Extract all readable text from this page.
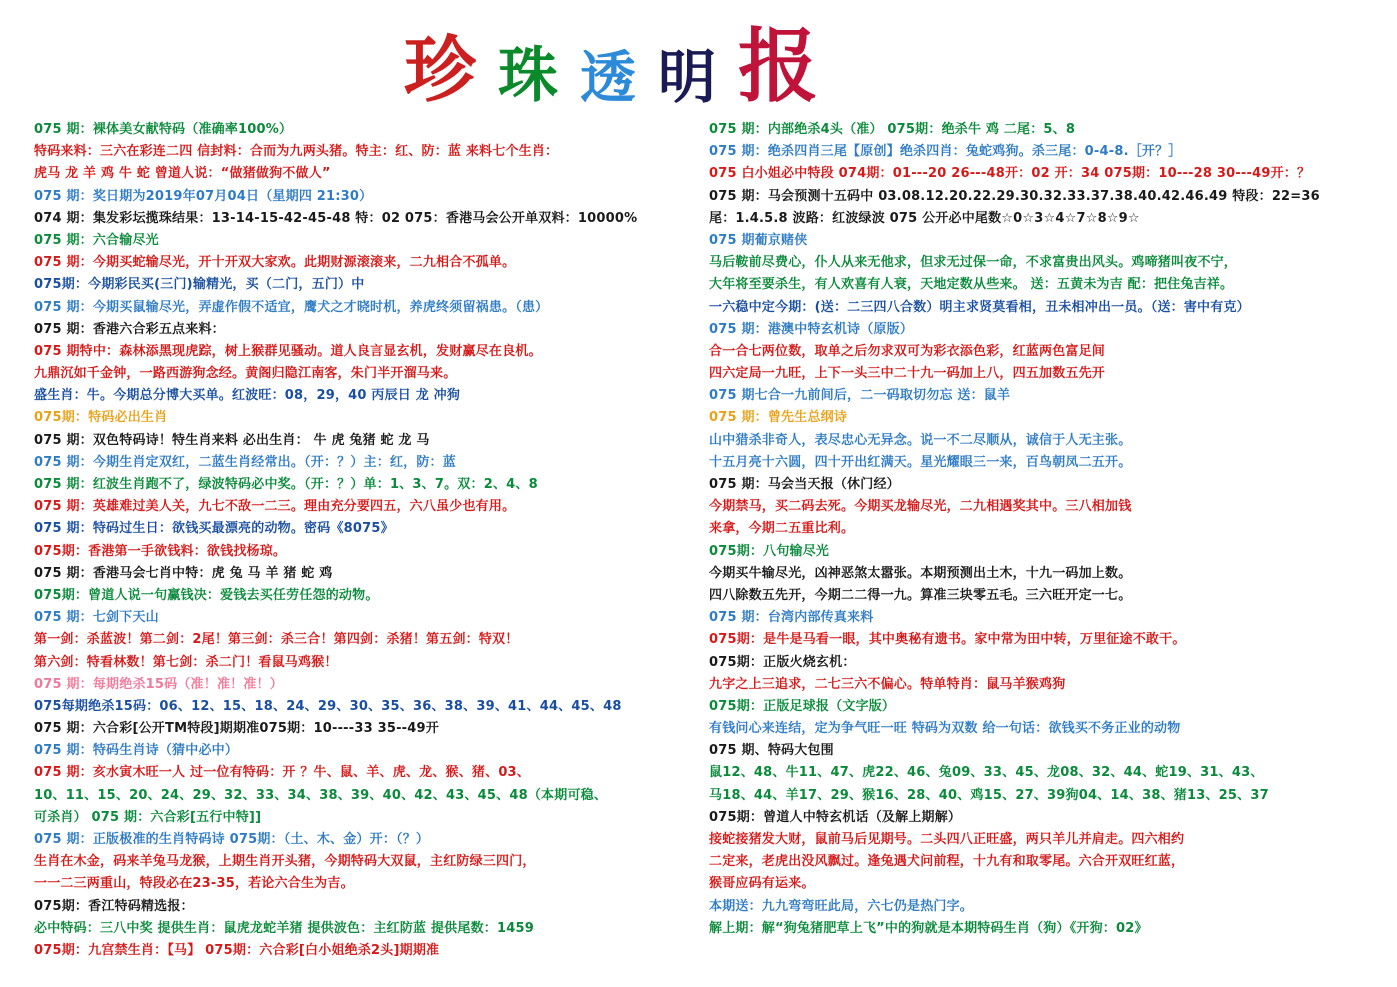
珍 珠 透 明 报
075 期：裸体美女献特码（准确率100%）
特码来料：三六在彩连二四 信封料：合而为九两头猪。特主：红、防：蓝 来料七个生肖：
虎马 龙 羊 鸡 牛 蛇 曾道人说：“做猪做狗不做人”
075 期：奖日期为2019年07月04日（星期四 21:30）
074 期：集发彩坛揽珠结果：13-14-15-42-45-48 特：02 075：香港马会公开单双料：10000%
075 期：六合输尽光
075 期：今期买蛇输尽光，开十开双大家欢。此期财源滚滚来，二九相合不孤单。
075期：今期彩民买(三门)输精光，买（二门，五门）中
075 期：今期买鼠输尽光，弄虚作假不适宜，鹰犬之才晓时机，养虎终须留祸患。（患）
075 期：香港六合彩五点来料：
075 期特中：森林添黑现虎踪，树上猴群见骚动。道人良言显玄机，发财赢尽在良机。
九鼎沉如千金钟，一路西游狗念经。黄阁归隐江南客，朱门半开溜马来。
盛生肖：牛。今期总分博大买单。红波旺：08，29，40 丙辰日 龙 冲狗
075期：特码必出生肖
075 期：双色特码诗！特生肖来料 必出生肖： 牛 虎 兔猪 蛇 龙 马
075 期：今期生肖定双红，二蓝生肖经常出。（开：？）主：红，防：蓝
075 期：红波生肖跑不了，绿波特码必中奖。（开：？）单：1、3、7。双：2、4、8
075 期：英雄难过美人关，九七不敌一二三。理由充分要四五，六八虽少也有用。
075 期：特码过生日：欲钱买最漂亮的动物。密码《8075》
075期：香港第一手欲钱料：欲钱找杨琼。
075 期：香港马会七肖中特：虎 兔 马 羊 猪 蛇 鸡
075期：曾道人说一句赢钱决：爱钱去买任劳任怨的动物。
075 期：七剑下天山
第一剑：杀蓝波！第二剑：2尾！第三剑：杀三合！第四剑：杀猪！第五剑：特双！
第六剑：特看林数！第七剑：杀二门！看鼠马鸡猴！
075 期：每期绝杀15码（准！准！准！）
075每期绝杀15码：06、12、15、18、24、29、30、35、36、38、39、41、44、45、48
075 期：六合彩[公开TM特段]期期准075期：10----33 35--49开
075 期：特码生肖诗（猜中必中）
075 期：亥水寅木旺一人 过一位有特码：开 ？牛、鼠、羊、虎、龙、猴、猪、03、
10、11、15、20、24、29、32、33、34、38、39、40、42、43、45、48（本期可稳、
可杀肖） 075 期：六合彩[五行中特]]
075 期：正版极准的生肖特码诗 075期：（土、木、金）开：（？）
生肖在木金，码来羊兔马龙猴，上期生肖开头猪，今期特码大双鼠，主红防绿三四门，
一一二三两重山，特段必在23-35，若论六合生为吉。
075期：香江特码精选报：
必中特码：三八中奖 提供生肖：鼠虎龙蛇羊猪 提供波色：主红防蓝 提供尾数：1459
075期：九宫禁生肖：【马】 075期：六合彩[白小姐绝杀2头]期期准
075 期：内部绝杀4头（准） 075期：绝杀牛 鸡 二尾：5、8
075 期：绝杀四肖三尾【原创】绝杀四肖：兔蛇鸡狗。杀三尾：0-4-8.［开？］
075 白小姐必中特段 074期：01---20 26---48开：02 开：34 075期：10---28 30---49开：？
075 期：马会预测十五码中 03.08.12.20.22.29.30.32.33.37.38.40.42.46.49 特段：22=36
尾：1.4.5.8 波路：红波绿波 075 公开必中尾数☆0☆3☆4☆7☆8☆9☆
075 期葡京赌侠
马后鞍前尽费心，仆人从来无他求，但求无过保一命，不求富贵出风头。鸡啼猪叫夜不宁，
大年将至要杀生，有人欢喜有人衰，天地定数从些来。 送：五黄未为吉 配：把住兔吉祥。
一六稳中定今期：(送：二三四八合数）明主求贤莫看相，丑未相冲出一员。（送：害中有克）
075 期：港澳中特玄机诗（原版）
合一合七两位数，取单之后勿求双可为彩衣添色彩，红蓝两色富足间
四六定局一九旺，上下一头三中二十九一码加上八，四五加数五先开
075 期七合一九前间后，二一码取切勿忘 送：鼠羊
075 期：曾先生总纲诗
山中猎杀非奇人，表尽忠心无异念。说一不二尽顺从，诚信于人无主张。
十五月亮十六圆，四十开出红满天。星光耀眼三一来，百鸟朝凤二五开。
075 期：马会当天报（休门经）
今期禁马，买二码去死。今期买龙输尽光，二九相遇奖其中。三八相加钱
来拿，今期二五重比利。
075期：八句输尽光
今期买牛输尽光，凶神恶煞太嚣张。本期预测出土木，十九一码加上数。
四八除数五先开，今期二二得一九。算准三块零五毛。三六旺开定一七。
075 期：台湾内部传真来料
075期：是牛是马看一眼，其中奥秘有遗书。家中常为田中转，万里征途不敢干。
075期：正版火烧玄机：
九字之上三追求，二七三六不偏心。特单特肖：鼠马羊猴鸡狗
075期：正版足球报（文字版）
有钱问心来连结，定为争气旺一旺 特码为双数 给一句话：欲钱买不务正业的动物
075 期、特码大包围
鼠12、48、牛11、47、虎22、46、兔09、33、45、龙08、32、44、蛇19、31、43、
马18、44、羊17、29、猴16、28、40、鸡15、27、39狗04、14、38、猪13、25、37
075期：曾道人中特玄机话（及解上期解）
接蛇接猪发大财，鼠前马后见期号。二头四八正旺盛，两只羊儿并肩走。四六相约
二定来，老虎出没风飘过。逢兔遇犬问前程，十九有和取零尾。六合开双旺红蓝，
猴哥应码有运来。
本期送：九九弯弯旺此局，六七仍是热门字。
解上期：解“狗兔猪肥草上飞”中的狗就是本期特码生肖（狗）《开狗：02》
